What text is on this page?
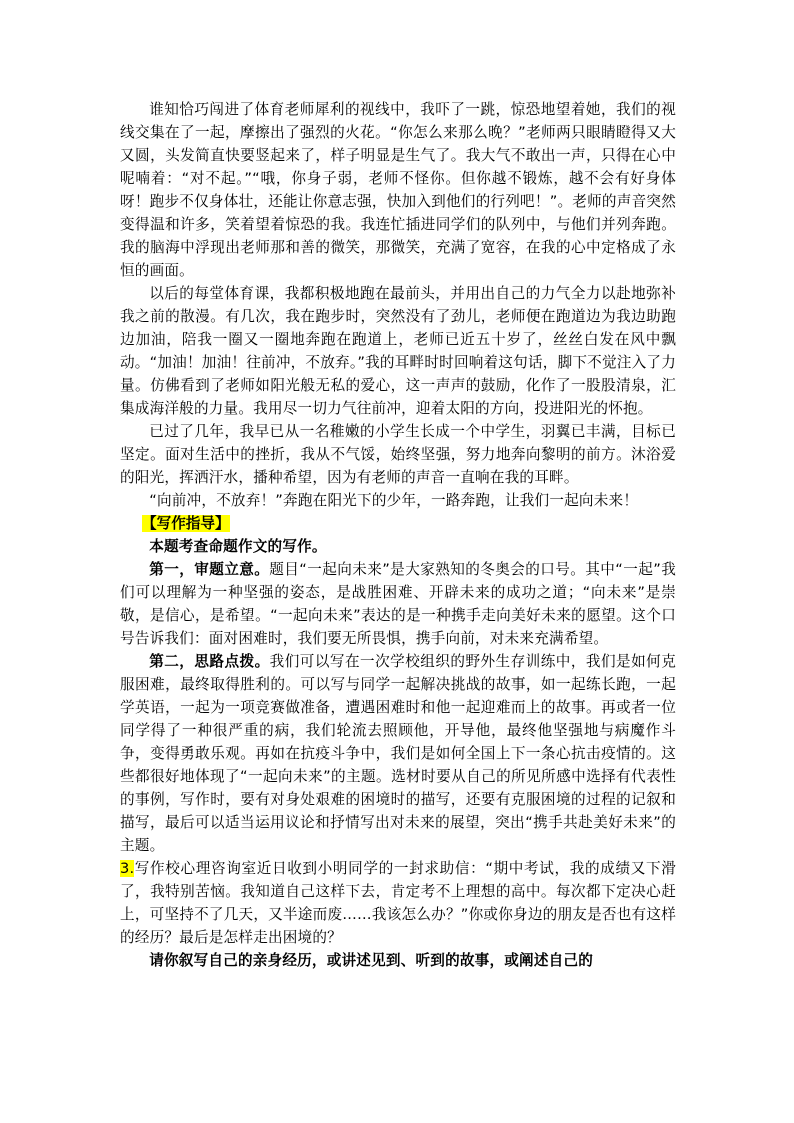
谁知恰巧闯进了体育老师犀利的视线中，我吓了一跳，惊恐地望着她，我们的视线交集在了一起，摩擦出了强烈的火花。“你怎么来那么晚？”老师两只眼睛瞪得又大又圆，头发简直快要竖起来了，样子明显是生气了。我大气不敢出一声，只得在心中呢喃着：“对不起。”“哦，你身子弱，老师不怪你。但你越不锻炼，越不会有好身体呀！跑步不仅身体壮，还能让你意志强，快加入到他们的行列吧！”。老师的声音突然变得温和许多，笑着望着惊恐的我。我连忙插进同学们的队列中，与他们并列奔跑。我的脑海中浮现出老师那和善的微笑，那微笑，充满了宽容，在我的心中定格成了永恒的画面。

以后的每堂体育课，我都积极地跑在最前头，并用出自己的力气全力以赴地弥补我之前的散漫。有几次，我在跑步时，突然没有了劲儿，老师便在跑道边为我边助跑边加油，陪我一圈又一圈地奔跑在跑道上，老师已近五十岁了，丝丝白发在风中飘动。“加油！加油！往前冲，不放弃。”我的耳畔时时回响着这句话，脚下不觉注入了力量。仿佛看到了老师如阳光般无私的爱心，这一声声的鼓励，化作了一股股清泉，汇集成海洋般的力量。我用尽一切力气往前冲，迎着太阳的方向，投进阳光的怀抱。

已过了几年，我早已从一名稚嫩的小学生长成一个中学生，羽翼已丰满，目标已坚定。面对生活中的挫折，我从不气馁，始终坚强，努力地奔向黎明的前方。沐浴爱的阳光，挥洒汗水，播种希望，因为有老师的声音一直响在我的耳畔。

“向前冲，不放弃！”奔跑在阳光下的少年，一路奔跑，让我们一起向未来！

【写作指导】

本题考查命题作文的写作。

第一，审题立意。题目“一起向未来”是大家熟知的冬奥会的口号。其中“一起”我们可以理解为一种坚强的姿态，是战胜困难、开辟未来的成功之道；“向未来”是崇敬，是信心，是希望。“一起向未来”表达的是一种携手走向美好未来的愿望。这个口号告诉我们：面对困难时，我们要无所畏惧，携手向前，对未来充满希望。

第二，思路点拨。我们可以写在一次学校组织的野外生存训练中，我们是如何克服困难，最终取得胜利的。可以写与同学一起解决挑战的故事，如一起练长跑，一起学英语，一起为一项竞赛做准备，遭遇困难时和他一起迎难而上的故事。再或者一位同学得了一种很严重的病，我们轮流去照顾他，开导他，最终他坚强地与病魔作斗争，变得勇敢乐观。再如在抗疫斗争中，我们是如何全国上下一条心抗击疫情的。这些都很好地体现了“一起向未来”的主题。选材时要从自己的所见所感中选择有代表性的事例，写作时，要有对身处艰难的困境时的描写，还要有克服困境的过程的记叙和描写，最后可以适当运用议论和抒情写出对未来的展望，突出“携手共赴美好未来”的主题。

3.写作校心理咨询室近日收到小明同学的一封求助信：“期中考试，我的成绩又下滑了，我特别苦恼。我知道自己这样下去，肯定考不上理想的高中。每次都下定决心赶上，可坚持不了几天，又半途而废……我该怎么办？”你或你身边的朋友是否也有这样的经历？最后是怎样走出困境的？

请你叙写自己的亲身经历，或讲述见到、听到的故事，或阐述自己的
